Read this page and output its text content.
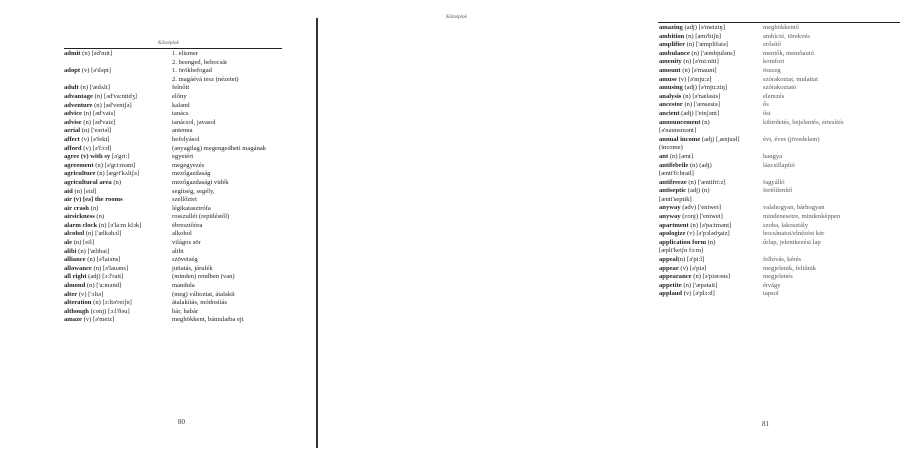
Kötzéplok
admit (n) [əd'mit]	1. elismer
2. beenged, bebocsát
adopt (v) [ə'dəpt]	1. örökbefogad
2. magáévá tesz (nézetet)
adult (n) ['ædʌlt]	felnőtt
advantage (n) [əd'va:ntidʒ]	előny
adventure (n) [əd'ventʃə]	kaland
advice (n) [əd'vais]	tanács
advise (n) [əd'vaiz]	tanácsol, javasol
aerial (n) ['eəriəl]	antenna
affect (v) [ə'fekt]	befolyásol
afford (v) [ə'fɔ:d]	(anyagilag) megengedheti magának
agree (v) with sy [ə'gri:]	egyetért
agreement (n) [ə'gri:mənt]	megegyezés
agriculture (n) [ægri'kʌltʃə]	mezőgazdaság
agricultural area (n)	mezőgazdasági vidék
aid (n) [eid]	segítség, segély,
air (v) [eə] the rooms	szellőztet
air crash (n)	légikatasztrófa
airsickness (n)	rosszullét (repüléstől)
alarm clock (n) [ə'la:m klɔk]	ébresztőóra
alcohol (n) ['ælkəhɔl]	alkohol
ale (n) [eil]	világos sör
alibi (n) ['ælibai]	alibi
alliance (n) [ə'laiəns]	szövetség
allowance (n) [ə'lauəns]	juttatás, járulék
all right (adj) [ɔ:l'rait]	(minden) rendben (van)
almond (n) ['a:mənd]	mandula
alter (v) ['ɔltə]	(meg) változtat, átalakít
alteration (n) [ɔ:ltə'reiʃn]	átalakítás, módosítás
although (conj) [ɔ:l'ðəu]	bár, habár
amaze (v) [ə'meiz]	meghökkent, bámulatba ejt
80
Kötzéplok
amazing (adj) [ə'meiziŋ]	meghökkentő
ambition (n) [æm'biʃn]	ambíció, törekvés
amplifier (n) ['æmplifaiə]	erősítő
ambulance (n) ['æmbjuləns]	mentők, mentőautó
amenity (n) [ə'mi:niti]	komfort
amount (n) [ə'maunt]	összeg
amuse (v) [ə'mju:z]	szórakoztat, mulattat
amusing (adj) [ə'mju:ziŋ]	szórakoztató
analysis (n) [ə'næləsis]	elemzés
ancestor (n) ['ænsestə]	ős
ancient (adj) ['einʃənt]	ősi
announcement (n)	kihirdetés, bejelentés, értesítés
[ə'naunsmənt]
annual income (adj) [,ænjuəl]	évi, éves (jövedelem)
(income)
ant (n) [ænt]	hangya
antifebrile (n) (adj)	lázcsillapító
[ænti'fi:brail]
antifreeze (n) ['æntifri:z]	fagyálló
antiseptic (adj) (n)	fertőtlenítő
[ænti'septik]
anyway (adv) ['eniwei]	valahogyan, bárhogyan
anyway (conj) ['eniwei]	mindenesetre, mindenképpen
apartment (n) [ə'pa:tmənt]	szoba, lakosztály
apologize (v) [ə'pɔlədʒaiz]	bocsánatot/elnézést kér
application form (n)	űrlap, jelentkezési lap
[æpli'keiʃn fɔ:m]
appeal(n) [ə'pi:l]	felhívás, kérés
appear (v) [ə'piə]	megjelenik, feltűnik
appearance (n) [ə'piərəns]	megjelenés
appetite (n) ['æpətait]	étvágy
applaud (v) [ə'plɔ:d]	tapsol
81
